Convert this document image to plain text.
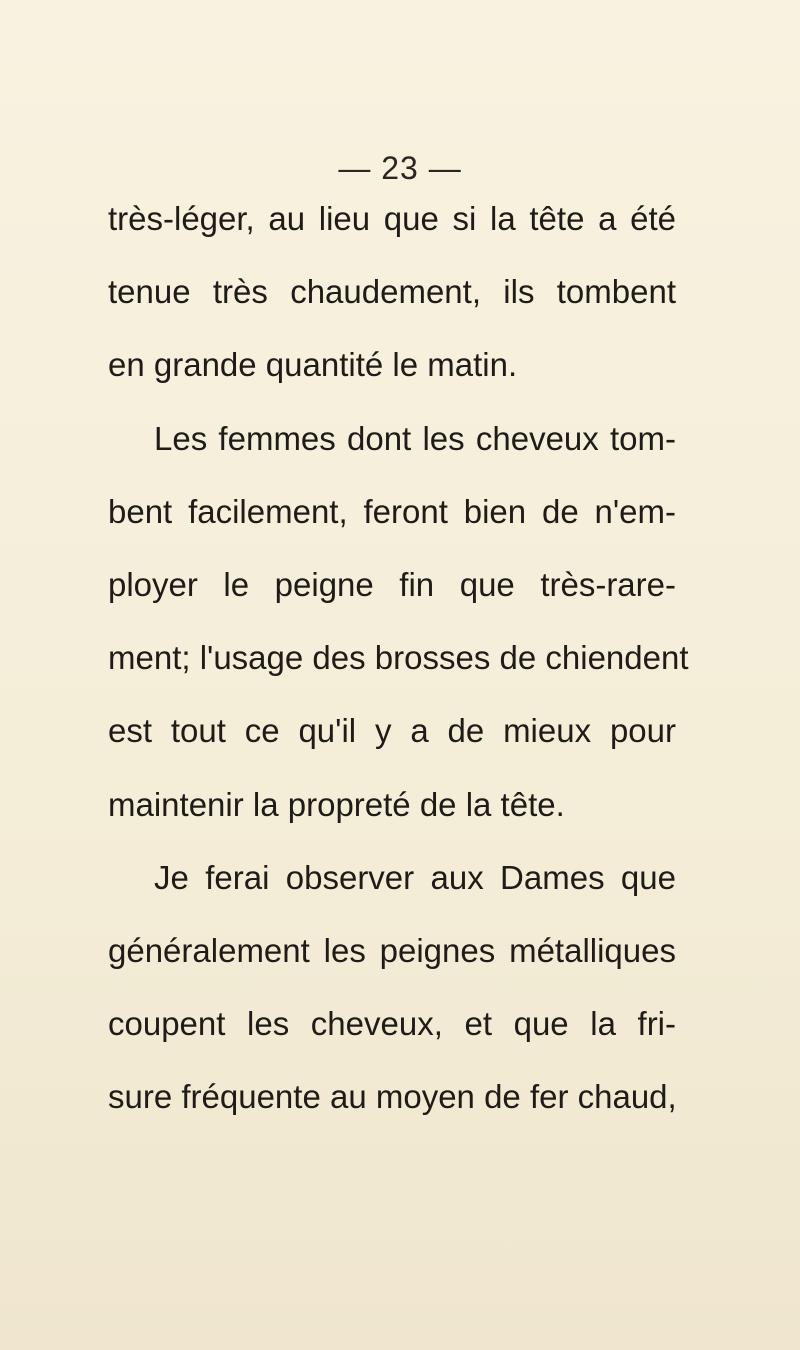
— 23 —
très-léger, au lieu que si la tête a été
tenue très chaudement, ils tombent
en grande quantité le matin.
Les femmes dont les cheveux tom-
bent facilement, feront bien de n'em-
ployer le peigne fin que très-rare-
ment; l'usage des brosses de chiendent
est tout ce qu'il y a de mieux pour
maintenir la propreté de la tête.
Je ferai observer aux Dames que
généralement les peignes métalliques
coupent les cheveux, et que la fri-
sure fréquente au moyen de fer chaud,
